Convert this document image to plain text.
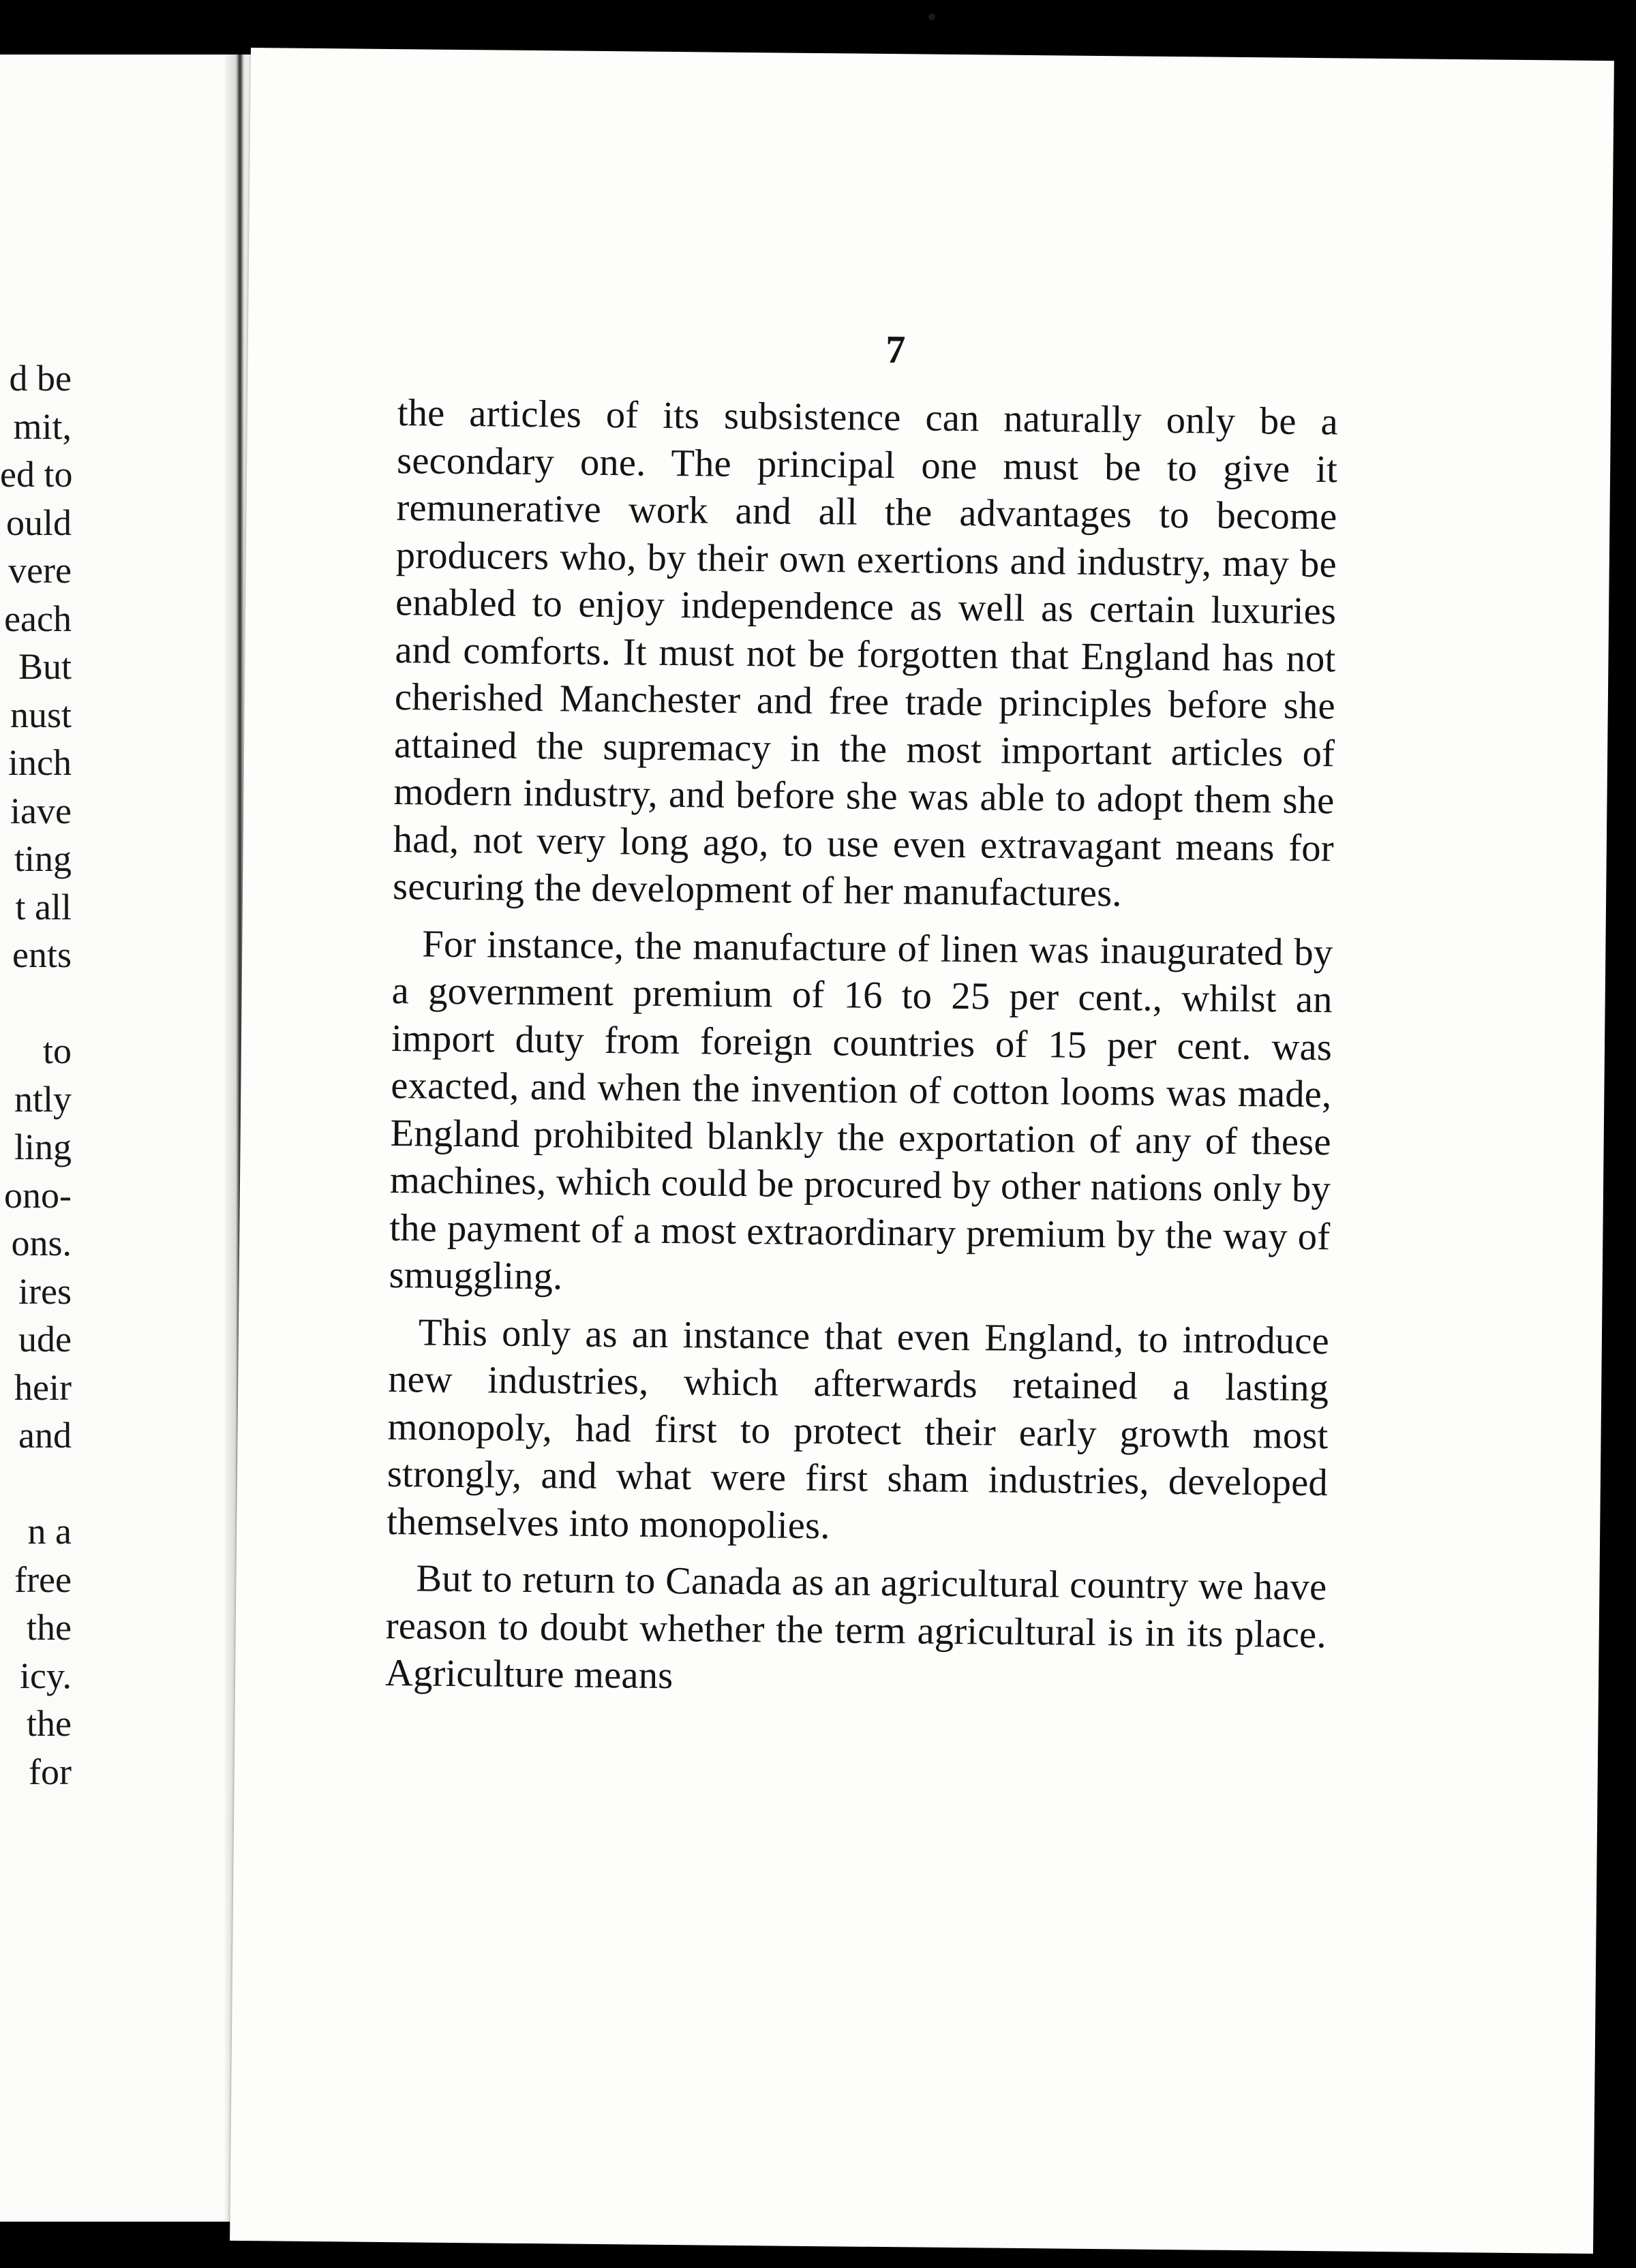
d be
mit,
ed to
ould
vere
each
But
nust
inch
iave
ting
t all
ents
to
ntly
ling
ono-
ons.
ires
ude
heir
and
n a
free
the
icy.
the
for

7

the articles of its subsistence can naturally only be a secondary one. The principal one must be to give it remunerative work and all the advantages to become producers who, by their own exertions and industry, may be enabled to enjoy independence as well as certain luxuries and comforts. It must not be forgotten that England has not cherished Manchester and free trade principles before she attained the supremacy in the most important articles of modern industry, and before she was able to adopt them she had, not very long ago, to use even extravagant means for securing the development of her manufactures.

For instance, the manufacture of linen was inaugurated by a government premium of 16 to 25 per cent., whilst an import duty from foreign countries of 15 per cent. was exacted, and when the invention of cotton looms was made, England prohibited blankly the exportation of any of these machines, which could be procured by other nations only by the payment of a most extraordinary premium by the way of smuggling.

This only as an instance that even England, to introduce new industries, which afterwards retained a lasting monopoly, had first to protect their early growth most strongly, and what were first sham industries, developed themselves into monopolies.

But to return to Canada as an agricultural country we have reason to doubt whether the term agricultural is in its place. Agriculture means
